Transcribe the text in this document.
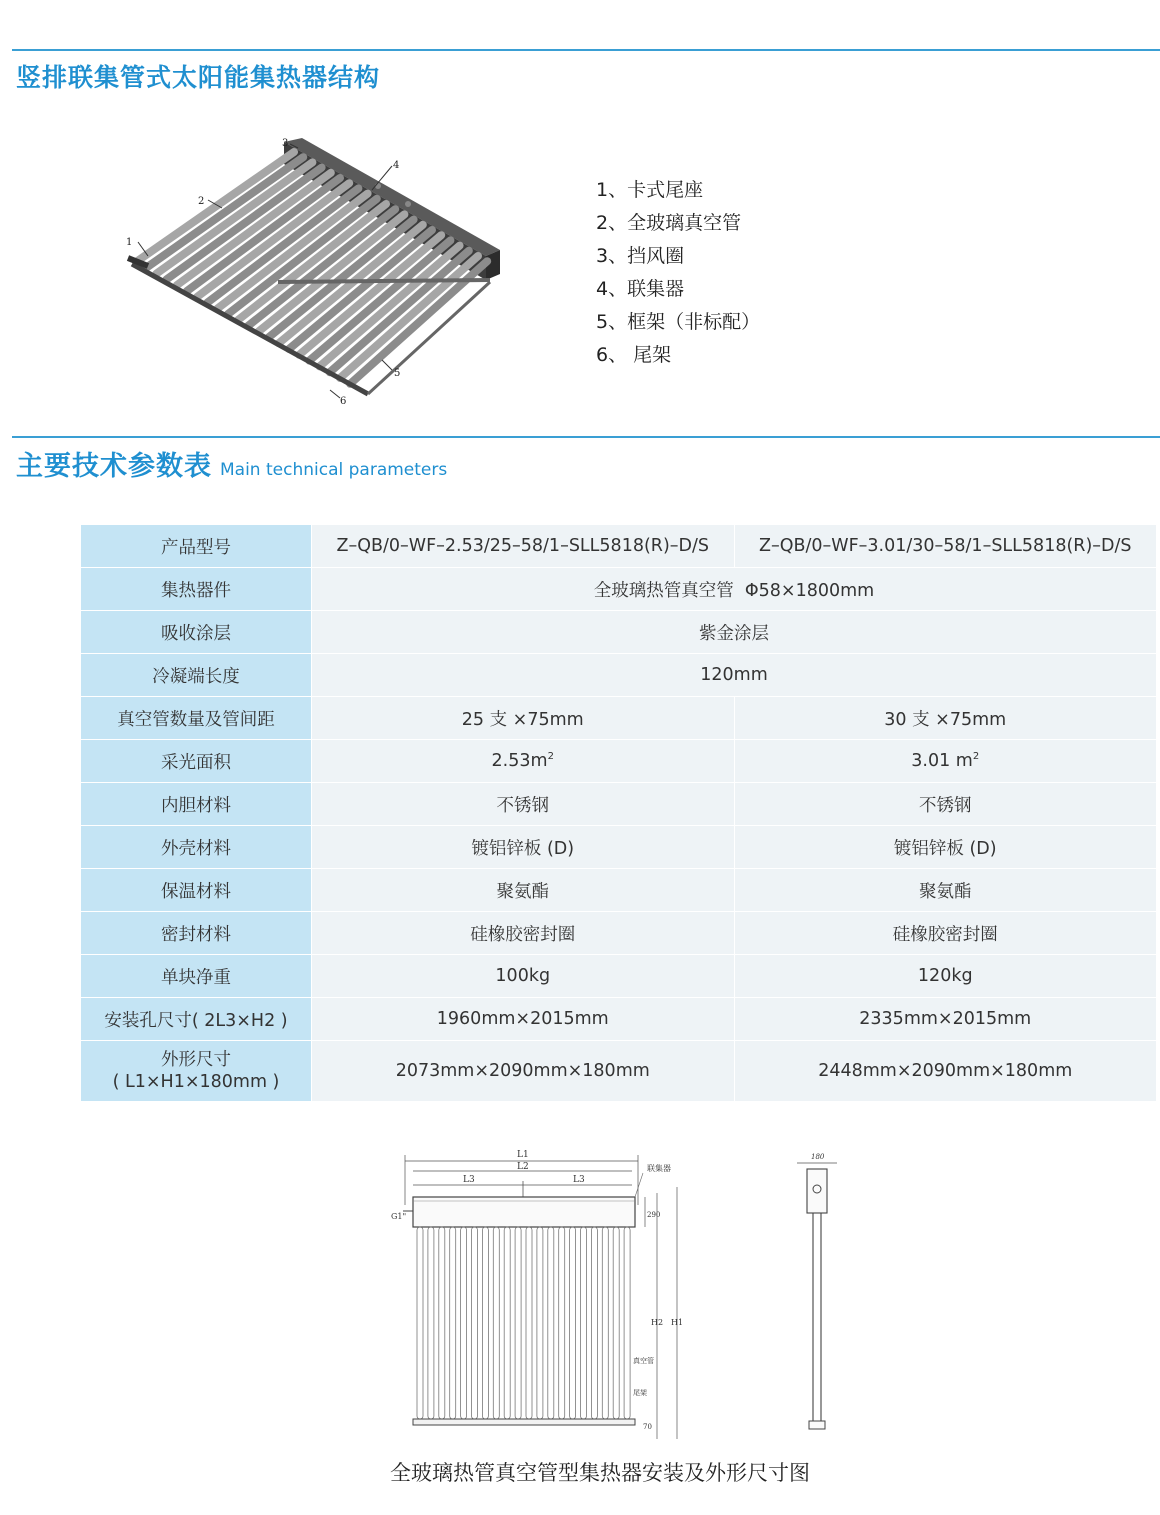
竖排联集管式太阳能集热器结构
1
2
3
4
5
6
1、卡式尾座
2、全玻璃真空管
3、挡风圈
4、联集器
5、框架（非标配）
6、 尾架
主要技术参数表 Main technical parameters
产品型号	Z–QB/0–WF–2.53/25–58/1–SLL5818(R)–D/S	Z–QB/0–WF–3.01/30–58/1–SLL5818(R)–D/S
集热器件	全玻璃热管真空管  Φ58×1800mm	
吸收涂层	紫金涂层	
冷凝端长度	120mm	
真空管数量及管间距	25 支 ×75mm	30 支 ×75mm
采光面积	$2.53m^2$	3.01 $m^2$
内胆材料	不锈钢	不锈钢
外壳材料	镀铝锌板 (D)	镀铝锌板 (D)
保温材料	聚氨酯	聚氨酯
密封材料	硅橡胶密封圈	硅橡胶密封圈
单块净重	100kg	120kg
安装孔尺寸( 2L3×H2 )	1960mm×2015mm	2335mm×2015mm

外形尺寸
( L1×H1×180mm )	2073mm×2090mm×180mm	2448mm×2090mm×180mm
L1
L2
L3	L3
联集器
G1"	290
H2 H1
70
真空管
尾架
180
全玻璃热管真空管型集热器安装及外形尺寸图
